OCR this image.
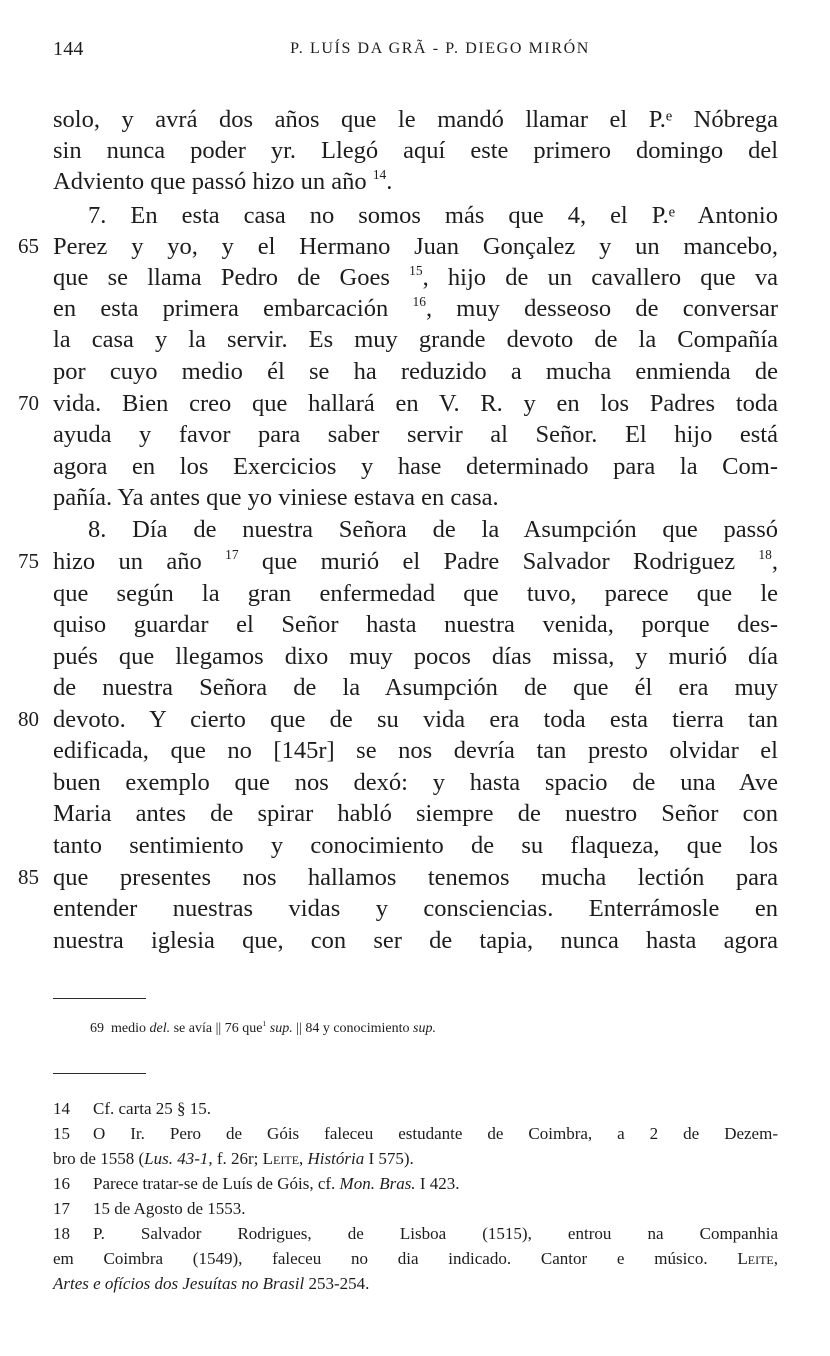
144	P. LUÍS DA GRÃ - P. DIEGO MIRÓN
solo, y avrá dos años que le mandó llamar el P.ᵉ Nóbrega
sin nunca poder yr. Llegó aquí este primero domingo del
Adviento que passó hizo un año $^{14}$.
7. En esta casa no somos más que 4, el P.ᵉ Antonio
65 Perez y yo, y el Hermano Juan Gonçalez y un mancebo,
que se llama Pedro de Goes $^{15}$, hijo de un cavallero que va
en esta primera embarcación $^{16}$, muy desseoso de conversar
la casa y la servir. Es muy grande devoto de la Compañía
por cuyo medio él se ha reduzido a mucha enmienda de
70 vida. Bien creo que hallará en V. R. y en los Padres toda
ayuda y favor para saber servir al Señor. El hijo está
agora en los Exercicios y hase determinado para la Com-
pañía. Ya antes que yo viniese estava en casa.
8. Día de nuestra Señora de la Asumpción que passó
75 hizo un año $^{17}$ que murió el Padre Salvador Rodriguez $^{18}$,
que según la gran enfermedad que tuvo, parece que le
quiso guardar el Señor hasta nuestra venida, porque des-
pués que llegamos dixo muy pocos días missa, y murió día
de nuestra Señora de la Asumpción de que él era muy
80 devoto. Y cierto que de su vida era toda esta tierra tan
edificada, que no [145r] se nos devría tan presto olvidar el
buen exemplo que nos dexó: y hasta spacio de una Ave
Maria antes de spirar habló siempre de nuestro Señor con
tanto sentimiento y conocimiento de su flaqueza, que los
85 que presentes nos hallamos tenemos mucha lectión para
entender nuestras vidas y consciencias. Enterrámosle en
nuestra iglesia que, con ser de tapia, nunca hasta agora
69 medio del. se avía || 76 que$^1$ sup. || 84 y conocimiento sup.
14 Cf. carta 25 § 15.
15 O Ir. Pero de Góis faleceu estudante de Coimbra, a 2 de Dezem-
bro de 1558 (Lus. 43-1, f. 26r; Leite, História I 575).
16 Parece tratar-se de Luís de Góis, cf. Mon. Bras. I 423.
17 15 de Agosto de 1553.
18 P. Salvador Rodrigues, de Lisboa (1515), entrou na Companhia
em Coimbra (1549), faleceu no dia indicado. Cantor e músico. Leite,
Artes e ofícios dos Jesuítas no Brasil 253-254.
